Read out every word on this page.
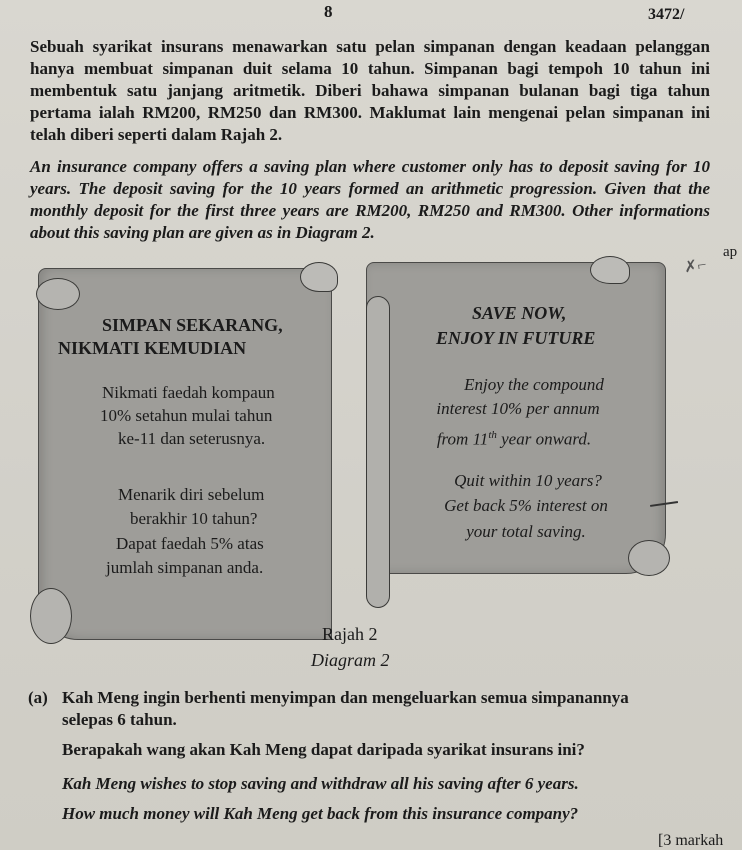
8	3472/

Sebuah syarikat insurans menawarkan satu pelan simpanan dengan keadaan pelanggan hanya membuat simpanan duit selama 10 tahun. Simpanan bagi tempoh 10 tahun ini membentuk satu janjang aritmetik. Diberi bahawa simpanan bulanan bagi tiga tahun pertama ialah RM200, RM250 dan RM300. Maklumat lain mengenai pelan simpanan ini telah diberi seperti dalam Rajah 2.

An insurance company offers a saving plan where customer only has to deposit saving for 10 years. The deposit saving for the 10 years formed an arithmetic progression. Given that the monthly deposit for the first three years are RM200, RM250 and RM300. Other informations about this saving plan are given as in Diagram 2.

ap
✗⌐
SIMPAN SEKARANG,
NIKMATI KEMUDIAN
Nikmati faedah kompaun
10% setahun mulai tahun
ke-11 dan seterusnya.
Menarik diri sebelum
berakhir 10 tahun?
Dapat faedah 5% atas
jumlah simpanan anda.
SAVE NOW,
ENJOY IN FUTURE
Enjoy the compound
interest 10% per annum
from 11th year onward.
Quit within 10 years?
Get back 5% interest on
your total saving.
Rajah 2
Diagram 2
(a) Kah Meng ingin berhenti menyimpan dan mengeluarkan semua simpanannya

selepas 6 tahun.

Berapakah wang akan Kah Meng dapat daripada syarikat insurans ini?

Kah Meng wishes to stop saving and withdraw all his saving after 6 years.

How much money will Kah Meng get back from this insurance company?

[3 markah
